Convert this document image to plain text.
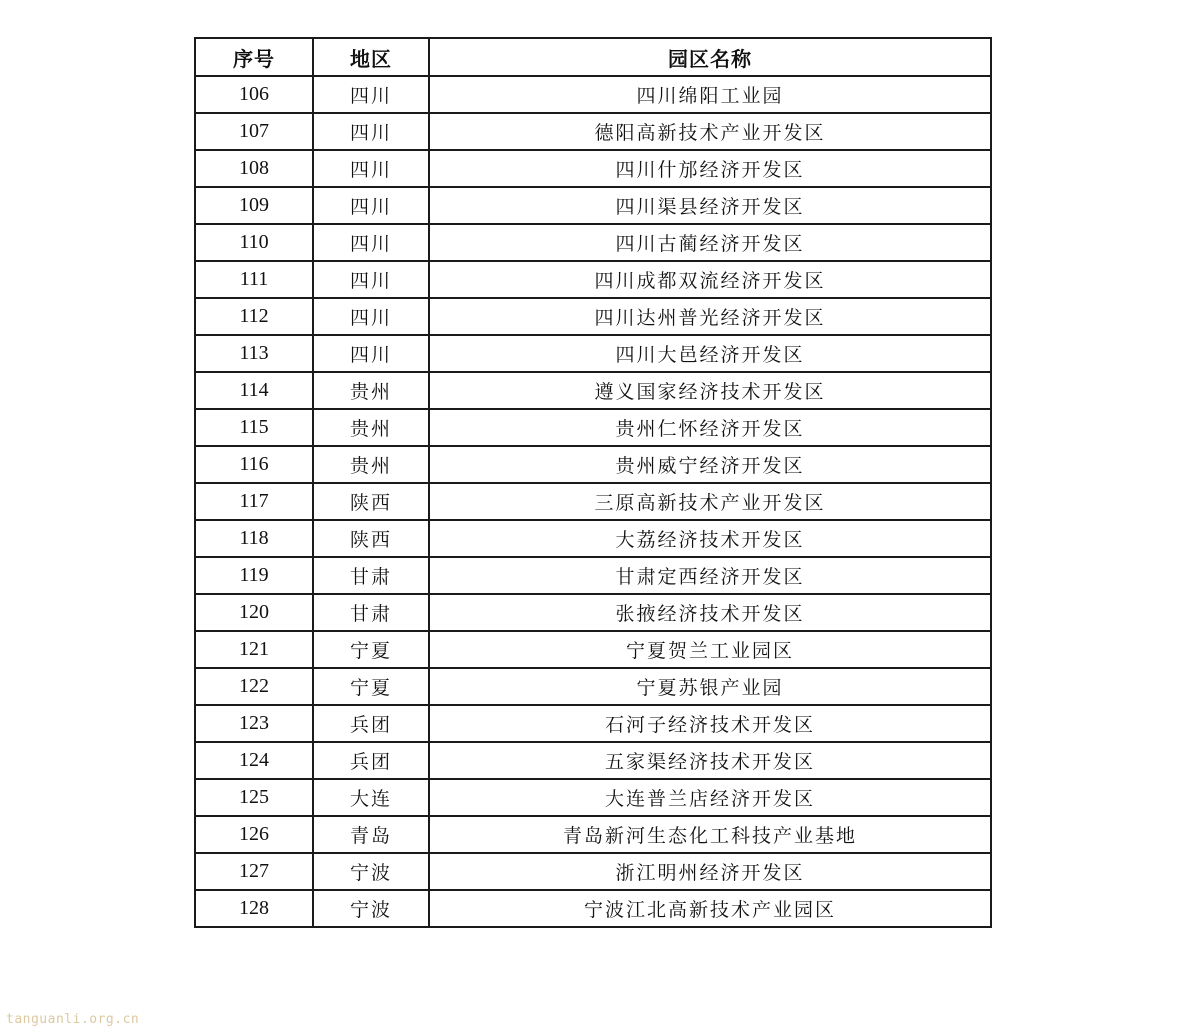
序号	地区	园区名称
106	四川	四川绵阳工业园
107	四川	德阳高新技术产业开发区
108	四川	四川什邡经济开发区
109	四川	四川渠县经济开发区
110	四川	四川古蔺经济开发区
111	四川	四川成都双流经济开发区
112	四川	四川达州普光经济开发区
113	四川	四川大邑经济开发区
114	贵州	遵义国家经济技术开发区
115	贵州	贵州仁怀经济开发区
116	贵州	贵州威宁经济开发区
117	陕西	三原高新技术产业开发区
118	陕西	大荔经济技术开发区
119	甘肃	甘肃定西经济开发区
120	甘肃	张掖经济技术开发区
121	宁夏	宁夏贺兰工业园区
122	宁夏	宁夏苏银产业园
123	兵团	石河子经济技术开发区
124	兵团	五家渠经济技术开发区
125	大连	大连普兰店经济开发区
126	青岛	青岛新河生态化工科技产业基地
127	宁波	浙江明州经济开发区
128	宁波	宁波江北高新技术产业园区
tanguanli.org.cn
